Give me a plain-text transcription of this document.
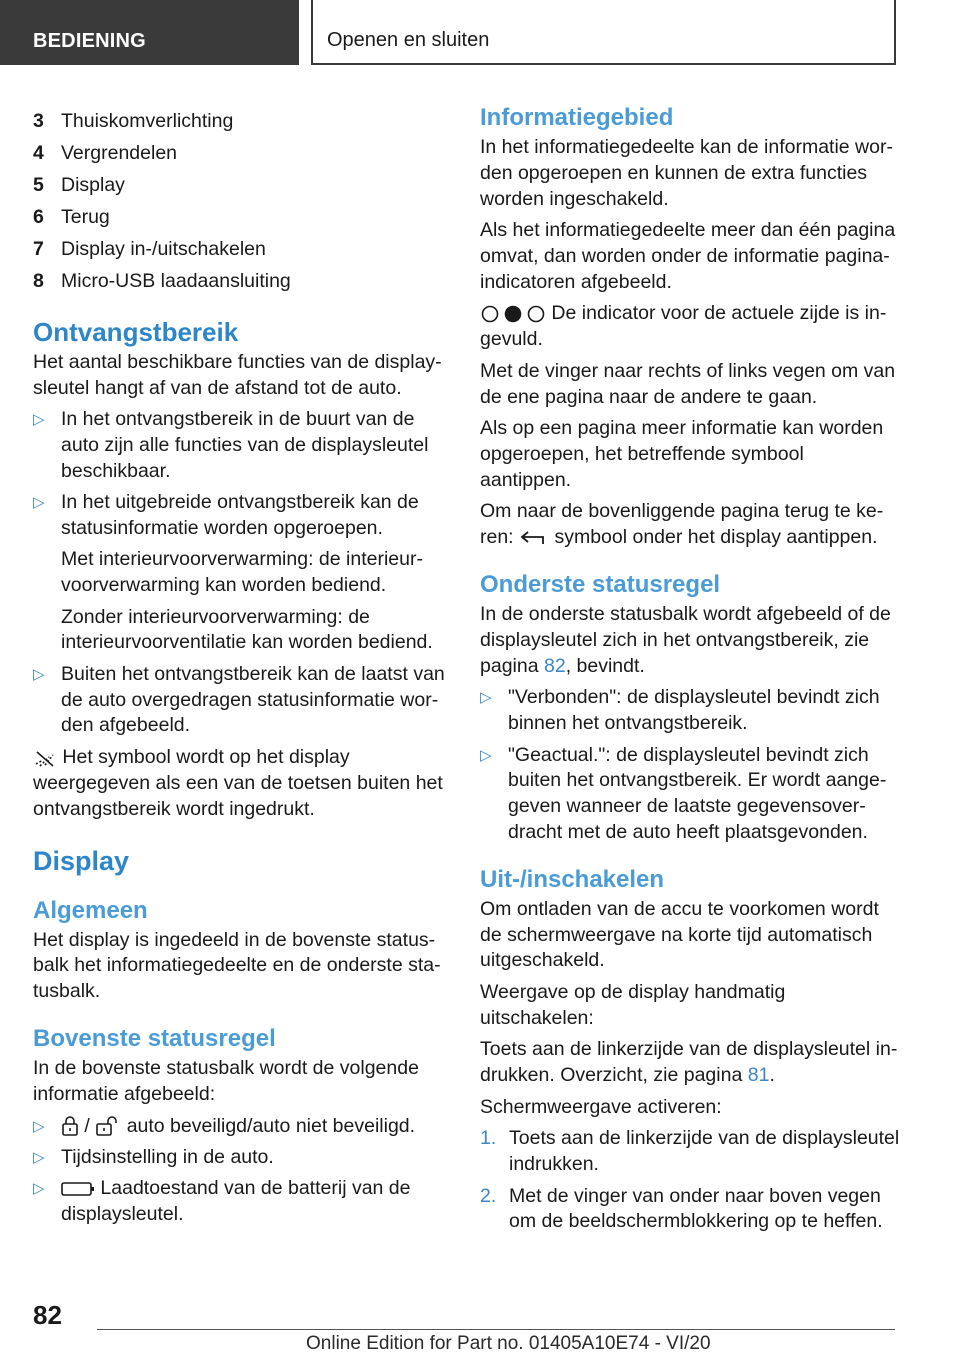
BEDIENING	Openen en sluiten
3 Thuiskomverlichting
4 Vergrendelen
5 Display
6 Terug
7 Display in-/uitschakelen
8 Micro-USB laadaansluiting
Ontvangstbereik

Het aantal beschikbare functies van de displaysleutel hangt af van de afstand tot de auto.

▷ In het ontvangstbereik in de buurt van de auto zijn alle functies van de displaysleutel beschikbaar.
▷ In het uitgebreide ontvangstbereik kan de statusinformatie worden opgeroepen.
Met interieurvoorverwarming: de interieurvoorverwarming kan worden bediend.
Zonder interieurvoorverwarming: de interieurvoorventilatie kan worden bediend.
▷ Buiten het ontvangstbereik kan de laatst van de auto overgedragen statusinformatie worden afgebeeld.

Het symbool wordt op het display weergegeven als een van de toetsen buiten het ontvangstbereik wordt ingedrukt.

Display
Algemeen

Het display is ingedeeld in de bovenste statusbalk het informatiegedeelte en de onderste statusbalk.

Bovenste statusregel

In de bovenste statusbalk wordt de volgende informatie afgebeeld:

▷ / auto beveiligd/auto niet beveiligd.
▷ Tijdsinstelling in de auto.
▷	Laadtoestand van de batterij van de displaysleutel.
Informatiegebied

In het informatiegedeelte kan de informatie worden opgeroepen en kunnen de extra functies worden ingeschakeld.

Als het informatiegedeelte meer dan één pagina omvat, dan worden onder de informatie pagina-indicatoren afgebeeld.

De indicator voor de actuele zijde is ingevuld.

Met de vinger naar rechts of links vegen om van de ene pagina naar de andere te gaan.

Als op een pagina meer informatie kan worden opgeroepen, het betreffende symbool aantippen.

Om naar de bovenliggende pagina terug te keren: symbool onder het display aantippen.

Onderste statusregel

In de onderste statusbalk wordt afgebeeld of de displaysleutel zich in het ontvangstbereik, zie pagina 82, bevindt.

▷ "Verbonden": de displaysleutel bevindt zich binnen het ontvangstbereik.
▷ "Geactual.": de displaysleutel bevindt zich buiten het ontvangstbereik. Er wordt aangegeven wanneer de laatste gegevensoverdracht met de auto heeft plaatsgevonden.
Uit-/inschakelen

Om ontladen van de accu te voorkomen wordt de schermweergave na korte tijd automatisch uitgeschakeld.

Weergave op de display handmatig uitschakelen:

Toets aan de linkerzijde van de displaysleutel indrukken. Overzicht, zie pagina 81.

Schermweergave activeren:

1. Toets aan de linkerzijde van de displaysleutel indrukken.
2. Met de vinger van onder naar boven vegen om de beeldschermblokkering op te heffen.
82
Online Edition for Part no. 01405A10E74 - VI/20
